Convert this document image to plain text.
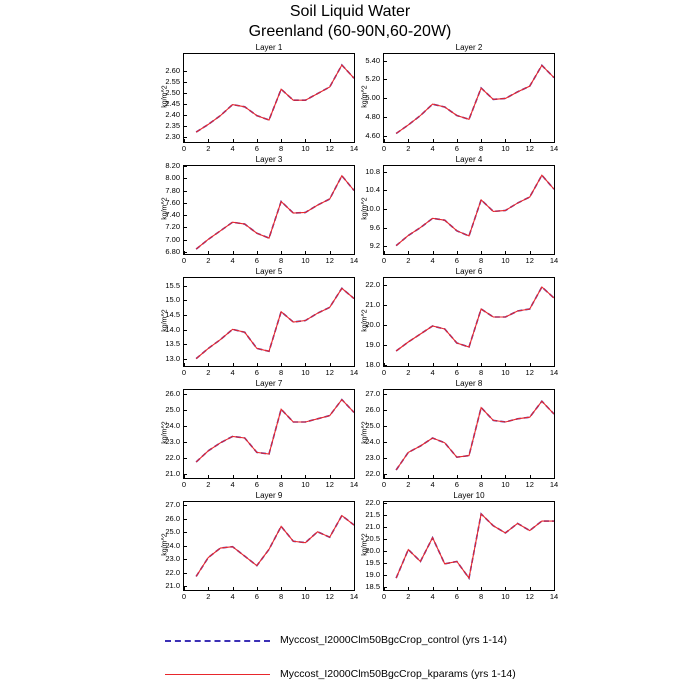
Soil Liquid Water
Greenland (60-90N,60-20W)
Layer 1
2.30
2.35
2.40
2.45
2.50
2.55
2.60
kg/m^2
0	2	4	6	8	10	12	14
Layer 2
4.60
4.80
5.00
5.20
5.40
kg/m^2
0	2	4	6	8	10	12	14
Layer 3
6.80
7.00
7.20
7.40
7.60
7.80
8.00
8.20
kg/m^2
0	2	4	6	8	10	12	14
Layer 4
9.2
9.6
10.0
10.4
10.8
kg/m^2
0	2	4	6	8	10	12	14
Layer 5
13.0
13.5
14.0
14.5
15.0
15.5
kg/m^2
0	2	4	6	8	10	12	14
Layer 6
18.0
19.0
20.0
21.0
22.0
kg/m^2
0	2	4	6	8	10	12	14
Layer 7
21.0
22.0
23.0
24.0
25.0
26.0
kg/m^2
0	2	4	6	8	10	12	14
Layer 8
22.0
23.0
24.0
25.0
26.0
27.0
kg/m^2
0	2	4	6	8	10	12	14
Layer 9
21.0
22.0
23.0
24.0
25.0
26.0
27.0
kg/m^2
0	2	4	6	8	10	12	14
Layer 10
18.5
19.0
19.5
20.0
20.5
21.0
21.5
22.0
kg/m^2
0	2	4	6	8	10	12	14
Myccost_I2000Clm50BgcCrop_control (yrs 1-14)
Myccost_I2000Clm50BgcCrop_kparams (yrs 1-14)
